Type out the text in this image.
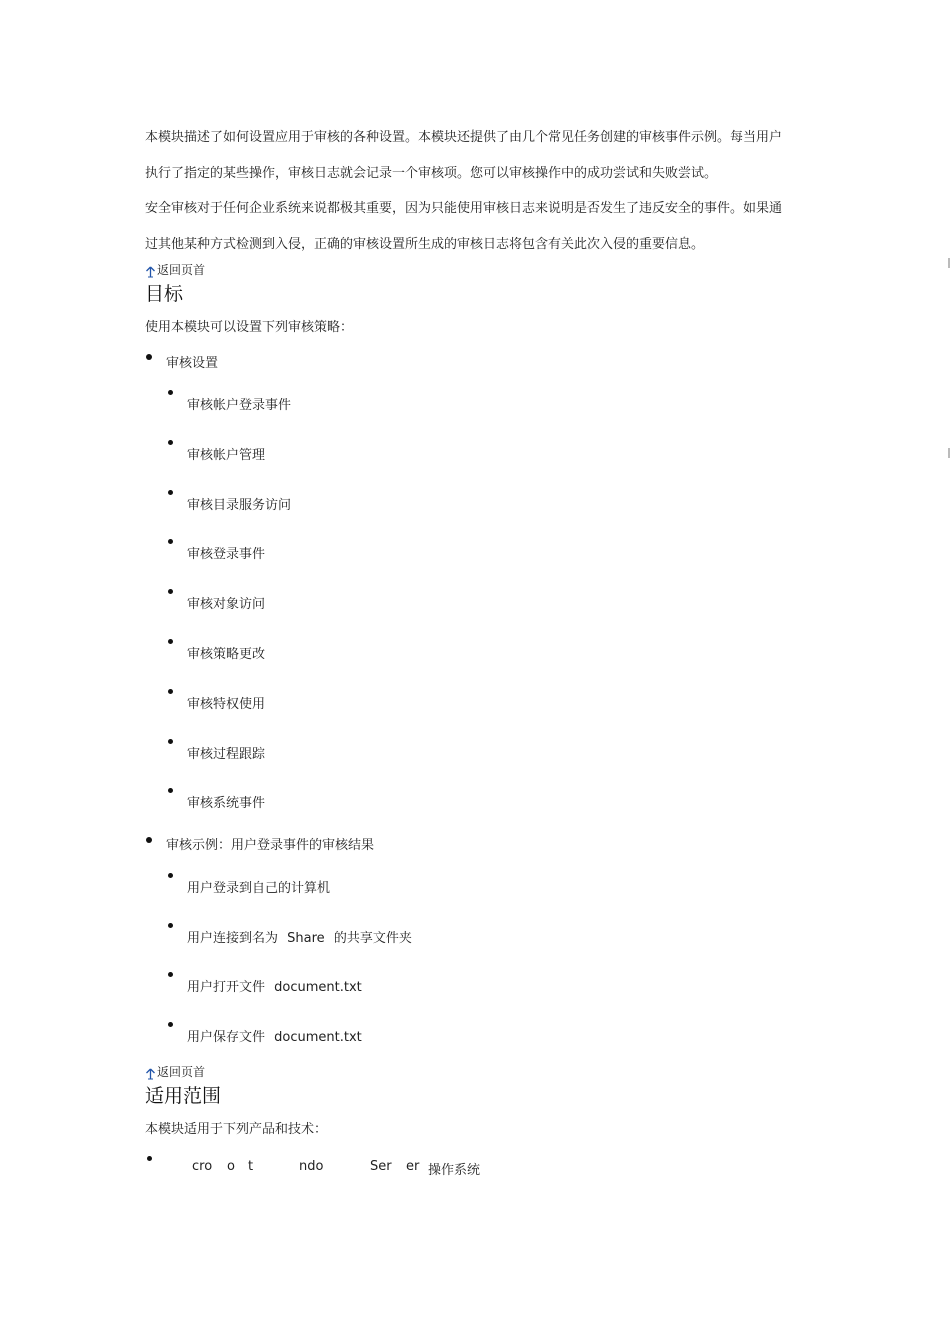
本模块描述了如何设置应用于审核的各种设置。本模块还提供了由几个常见任务创建的审核事件示例。每当用户
执行了指定的某些操作，审核日志就会记录一个审核项。您可以审核操作中的成功尝试和失败尝试。
安全审核对于任何企业系统来说都极其重要，因为只能使用审核日志来说明是否发生了违反安全的事件。如果通
过其他某种方式检测到入侵，正确的审核设置所生成的审核日志将包含有关此次入侵的重要信息。
返回页首
目标
使用本模块可以设置下列审核策略：
审核设置
审核帐户登录事件
审核帐户管理
审核目录服务访问
审核登录事件
审核对象访问
审核策略更改
审核特权使用
审核过程跟踪
审核系统事件
审核示例：用户登录事件的审核结果
用户登录到自己的计算机
用户连接到名为 Share 的共享文件夹
用户打开文件 document.txt
用户保存文件 document.txt
返回页首
适用范围
本模块适用于下列产品和技术：
cro o t	ndo	Ser er 操作系统
